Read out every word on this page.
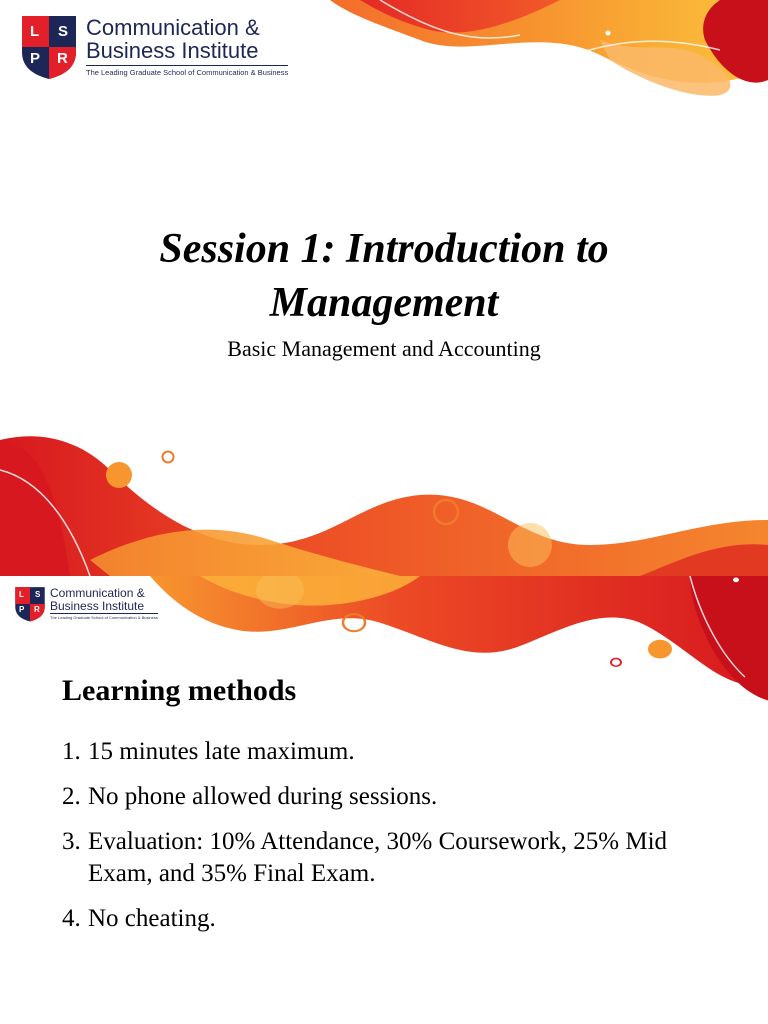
L S
P R
Communication &
Business Institute
The Leading Graduate School of Communication & Business
Session 1: Introduction to Management
Basic Management and Accounting
L S
P R
Communication &
Business Institute
The Leading Graduate School of Communication & Business
Learning methods
1. 15 minutes late maximum.
2. No phone allowed during sessions.
3. Evaluation: 10% Attendance, 30% Coursework, 25% Mid Exam, and 35% Final Exam.
4. No cheating.
